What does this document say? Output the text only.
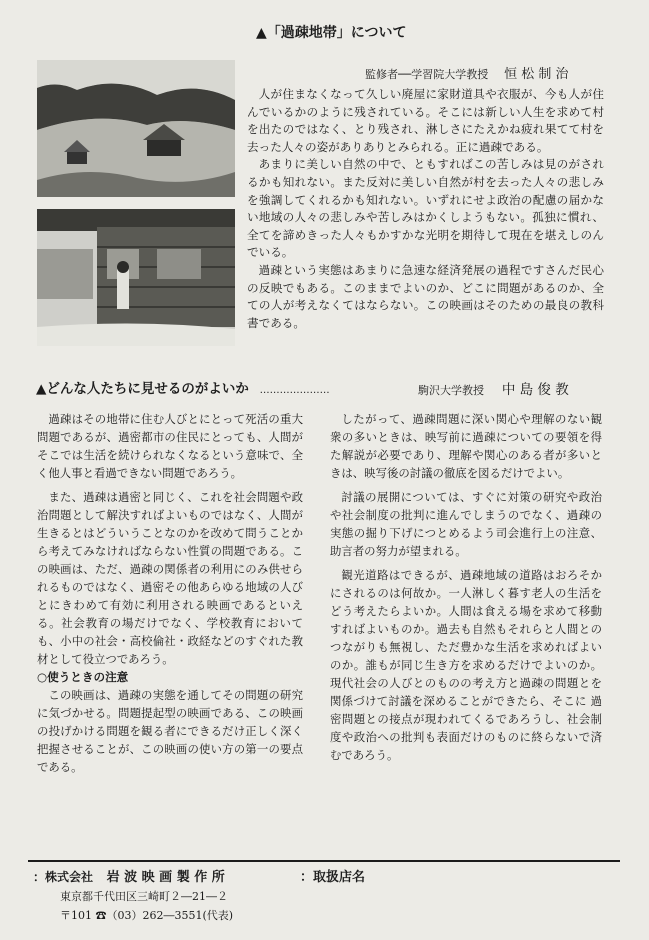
▲「過疎地帯」について
監修者──学習院大学教授 恒 松 制 治

人が住まなくなって久しい廃屋に家財道具や衣服が、今も人が住んでいるかのように残されている。そこには新しい人生を求めて村を出たのではなく、とり残され、淋しさにたえかね疲れ果てて村を去った人々の姿がありありとみられる。正に過疎である。

あまりに美しい自然の中で、ともすればこの苦しみは見のがされるかも知れない。また反対に美しい自然が村を去った人々の悲しみを強調してくれるかも知れない。いずれにせよ政治の配慮の届かない地域の人々の悲しみや苦しみはかくしようもない。孤独に慣れ、全てを諦めきった人々もかすかな光明を期待して現在を堪えしのんでいる。

過疎という実態はあまりに急速な経済発展の過程ですさんだ民心の反映でもある。このままでよいのか、どこに問題があるのか、全ての人が考えなくてはならない。この映画はそのための最良の教科書である。

▲どんな人たちに見せるのがよいか …………………	駒沢大学教授 中 島 俊 教

過疎はその地帯に住む人びとにとって死活の重大問題であるが、過密都市の住民にとっても、人間がそこでは生活を続けられなくなるという意味で、全く他人事と看過できない問題であろう。

また、過疎は過密と同じく、これを社会問題や政治問題として解決すればよいものではなく、人間が生きるとはどういうことなのかを改めて問うことから考えてみなければならない性質の問題である。この映画は、ただ、過疎の関係者の利用にのみ供せられるものではなく、過密その他あらゆる地域の人びとにきわめて有効に利用される映画であるといえる。社会教育の場だけでなく、学校教育においても、小中の社会・高校倫社・政経などのすぐれた教材として役立つであろう。

○使うときの注意

この映画は、過疎の実態を通してその問題の研究に気づかせる。問題提起型の映画である、この映画の投げかける問題を観る者にできるだけ正しく深く把握させることが、この映画の使い方の第一の要点である。

したがって、過疎問題に深い関心や理解のない観衆の多いときは、映写前に過疎についての要領を得た解説が必要であり、理解や関心のある者が多いときは、映写後の討議の徹底を図るだけでよい。

討議の展開については、すぐに対策の研究や政治や社会制度の批判に進んでしまうのでなく、過疎の実態の掘り下げにつとめるよう司会進行上の注意、助言者の努力が望まれる。

観光道路はできるが、過疎地域の道路はおろそかにされるのは何故か。一人淋しく暮す老人の生活をどう考えたらよいか。人間は食える場を求めて移動すればよいものか。過去も自然もそれらと人間とのつながりも無視し、ただ豊かな生活を求めればよいのか。誰もが同じ生き方を求めるだけでよいのか。現代社会の人びとのものの考え方と過疎の問題とを関係づけて討議を深めることができたら、そこに 過密問題との接点が現われてくるであろうし、社会制度や政治への批判も表面だけのものに終らないで済むであろう。

：株式会社 岩 波 映 画 製 作 所
東京都千代田区三崎町２―21―２
〒101 ☎（03）262―3551(代表)
：取扱店名
